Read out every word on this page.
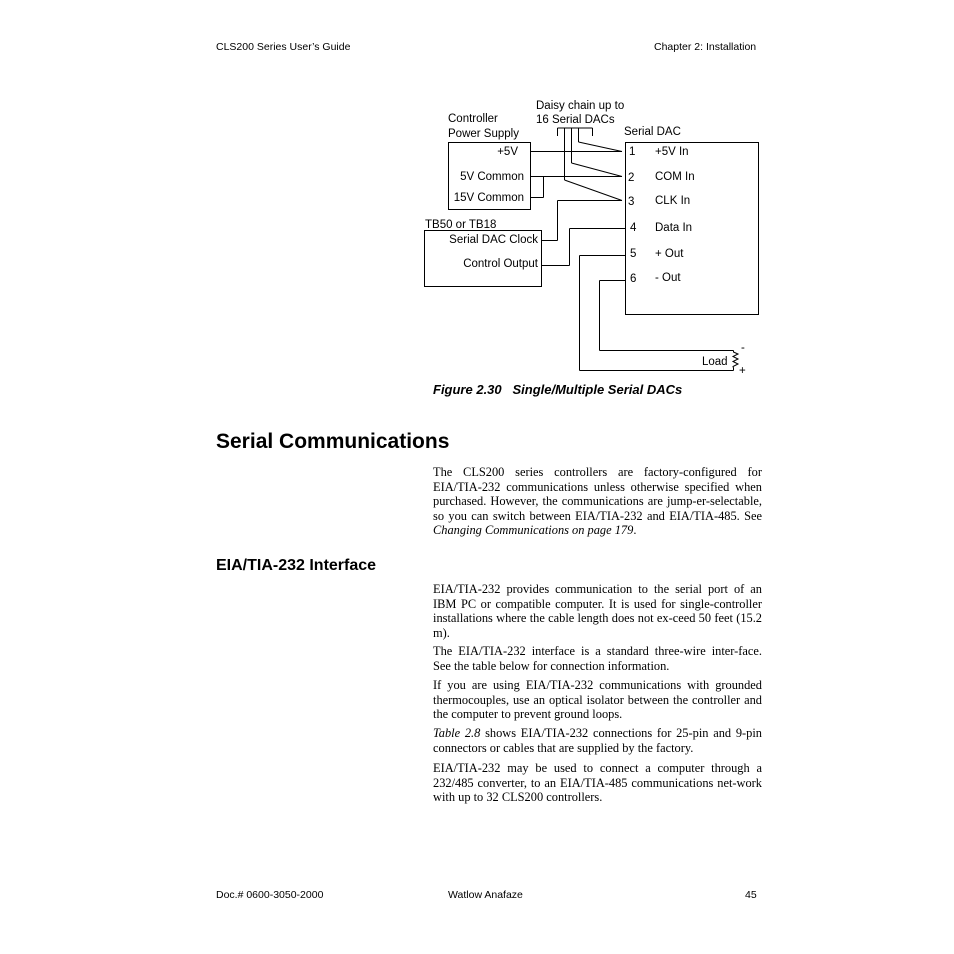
CLS200 Series User’s Guide	Chapter 2: Installation
Daisy chain up to
16 Serial DACs
Controller
Power Supply	Serial DAC
+5V
5V Common
15V Common
TB50 or TB18
Serial DAC Clock
Control Output
1 +5V In
2 COM In
3 CLK In
4 Data In
5 + Out
6 - Out
Load
-
+
Figure 2.30   Single/Multiple Serial DACs
Serial Communications
The CLS200 series controllers are factory-configured for EIA/TIA-232 communications unless otherwise specified when purchased. However, the communications are jump-er-selectable, so you can switch between EIA/TIA-232 and EIA/TIA-485. See Changing Communications on page 179.
EIA/TIA-232 Interface
EIA/TIA-232 provides communication to the serial port of an IBM PC or compatible computer. It is used for single-controller installations where the cable length does not ex-ceed 50 feet (15.2 m).
The EIA/TIA-232 interface is a standard three-wire inter-face. See the table below for connection information.
If you are using EIA/TIA-232 communications with grounded thermocouples, use an optical isolator between the controller and the computer to prevent ground loops.
Table 2.8 shows EIA/TIA-232 connections for 25-pin and 9-pin connectors or cables that are supplied by the factory.
EIA/TIA-232 may be used to connect a computer through a 232/485 converter, to an EIA/TIA-485 communications net-work with up to 32 CLS200 controllers.
Doc.# 0600-3050-2000	Watlow Anafaze	45
